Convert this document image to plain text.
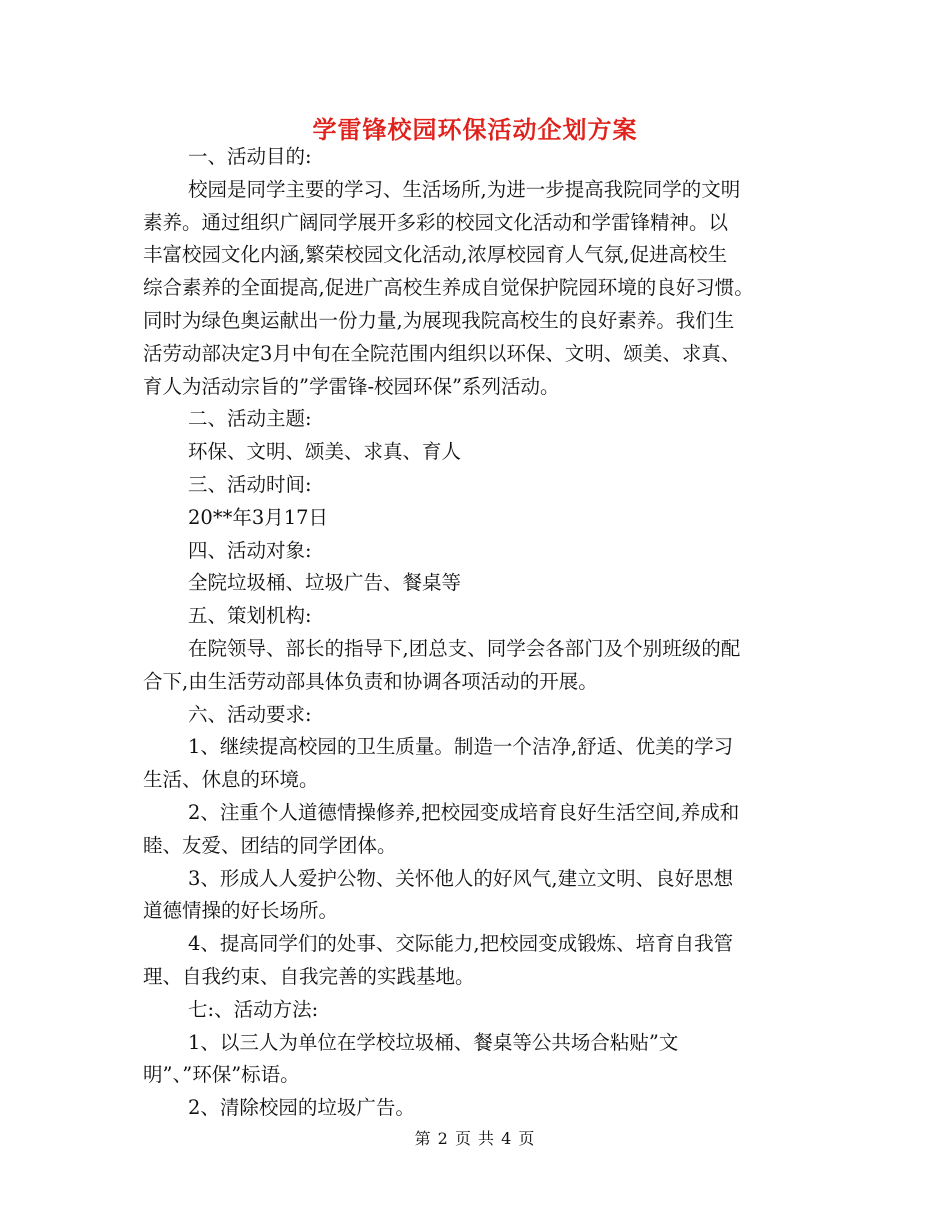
学雷锋校园环保活动企划方案
一、活动目的:
校园是同学主要的学习、生活场所,为进一步提高我院同学的文明
素养。通过组织广阔同学展开多彩的校园文化活动和学雷锋精神。以
丰富校园文化内涵,繁荣校园文化活动,浓厚校园育人气氛,促进高校生
综合素养的全面提高,促进广高校生养成自觉保护院园环境的良好习惯。
同时为绿色奥运献出一份力量,为展现我院高校生的良好素养。我们生
活劳动部决定3月中旬在全院范围内组织以环保、文明、颂美、求真、
育人为活动宗旨的”学雷锋-校园环保”系列活动。
二、活动主题:
环保、文明、颂美、求真、育人
三、活动时间:
20**年3月17日
四、活动对象:
全院垃圾桶、垃圾广告、餐桌等
五、策划机构:
在院领导、部长的指导下,团总支、同学会各部门及个别班级的配
合下,由生活劳动部具体负责和协调各项活动的开展。
六、活动要求:
1、继续提高校园的卫生质量。制造一个洁净,舒适、优美的学习
生活、休息的环境。
2、注重个人道德情操修养,把校园变成培育良好生活空间,养成和
睦、友爱、团结的同学团体。
3、形成人人爱护公物、关怀他人的好风气,建立文明、良好思想
道德情操的好长场所。
4、提高同学们的处事、交际能力,把校园变成锻炼、培育自我管
理、自我约束、自我完善的实践基地。
七:、活动方法:
1、以三人为单位在学校垃圾桶、餐桌等公共场合粘贴”文
明”、”环保”标语。
2、清除校园的垃圾广告。
第 2 页 共 4 页
